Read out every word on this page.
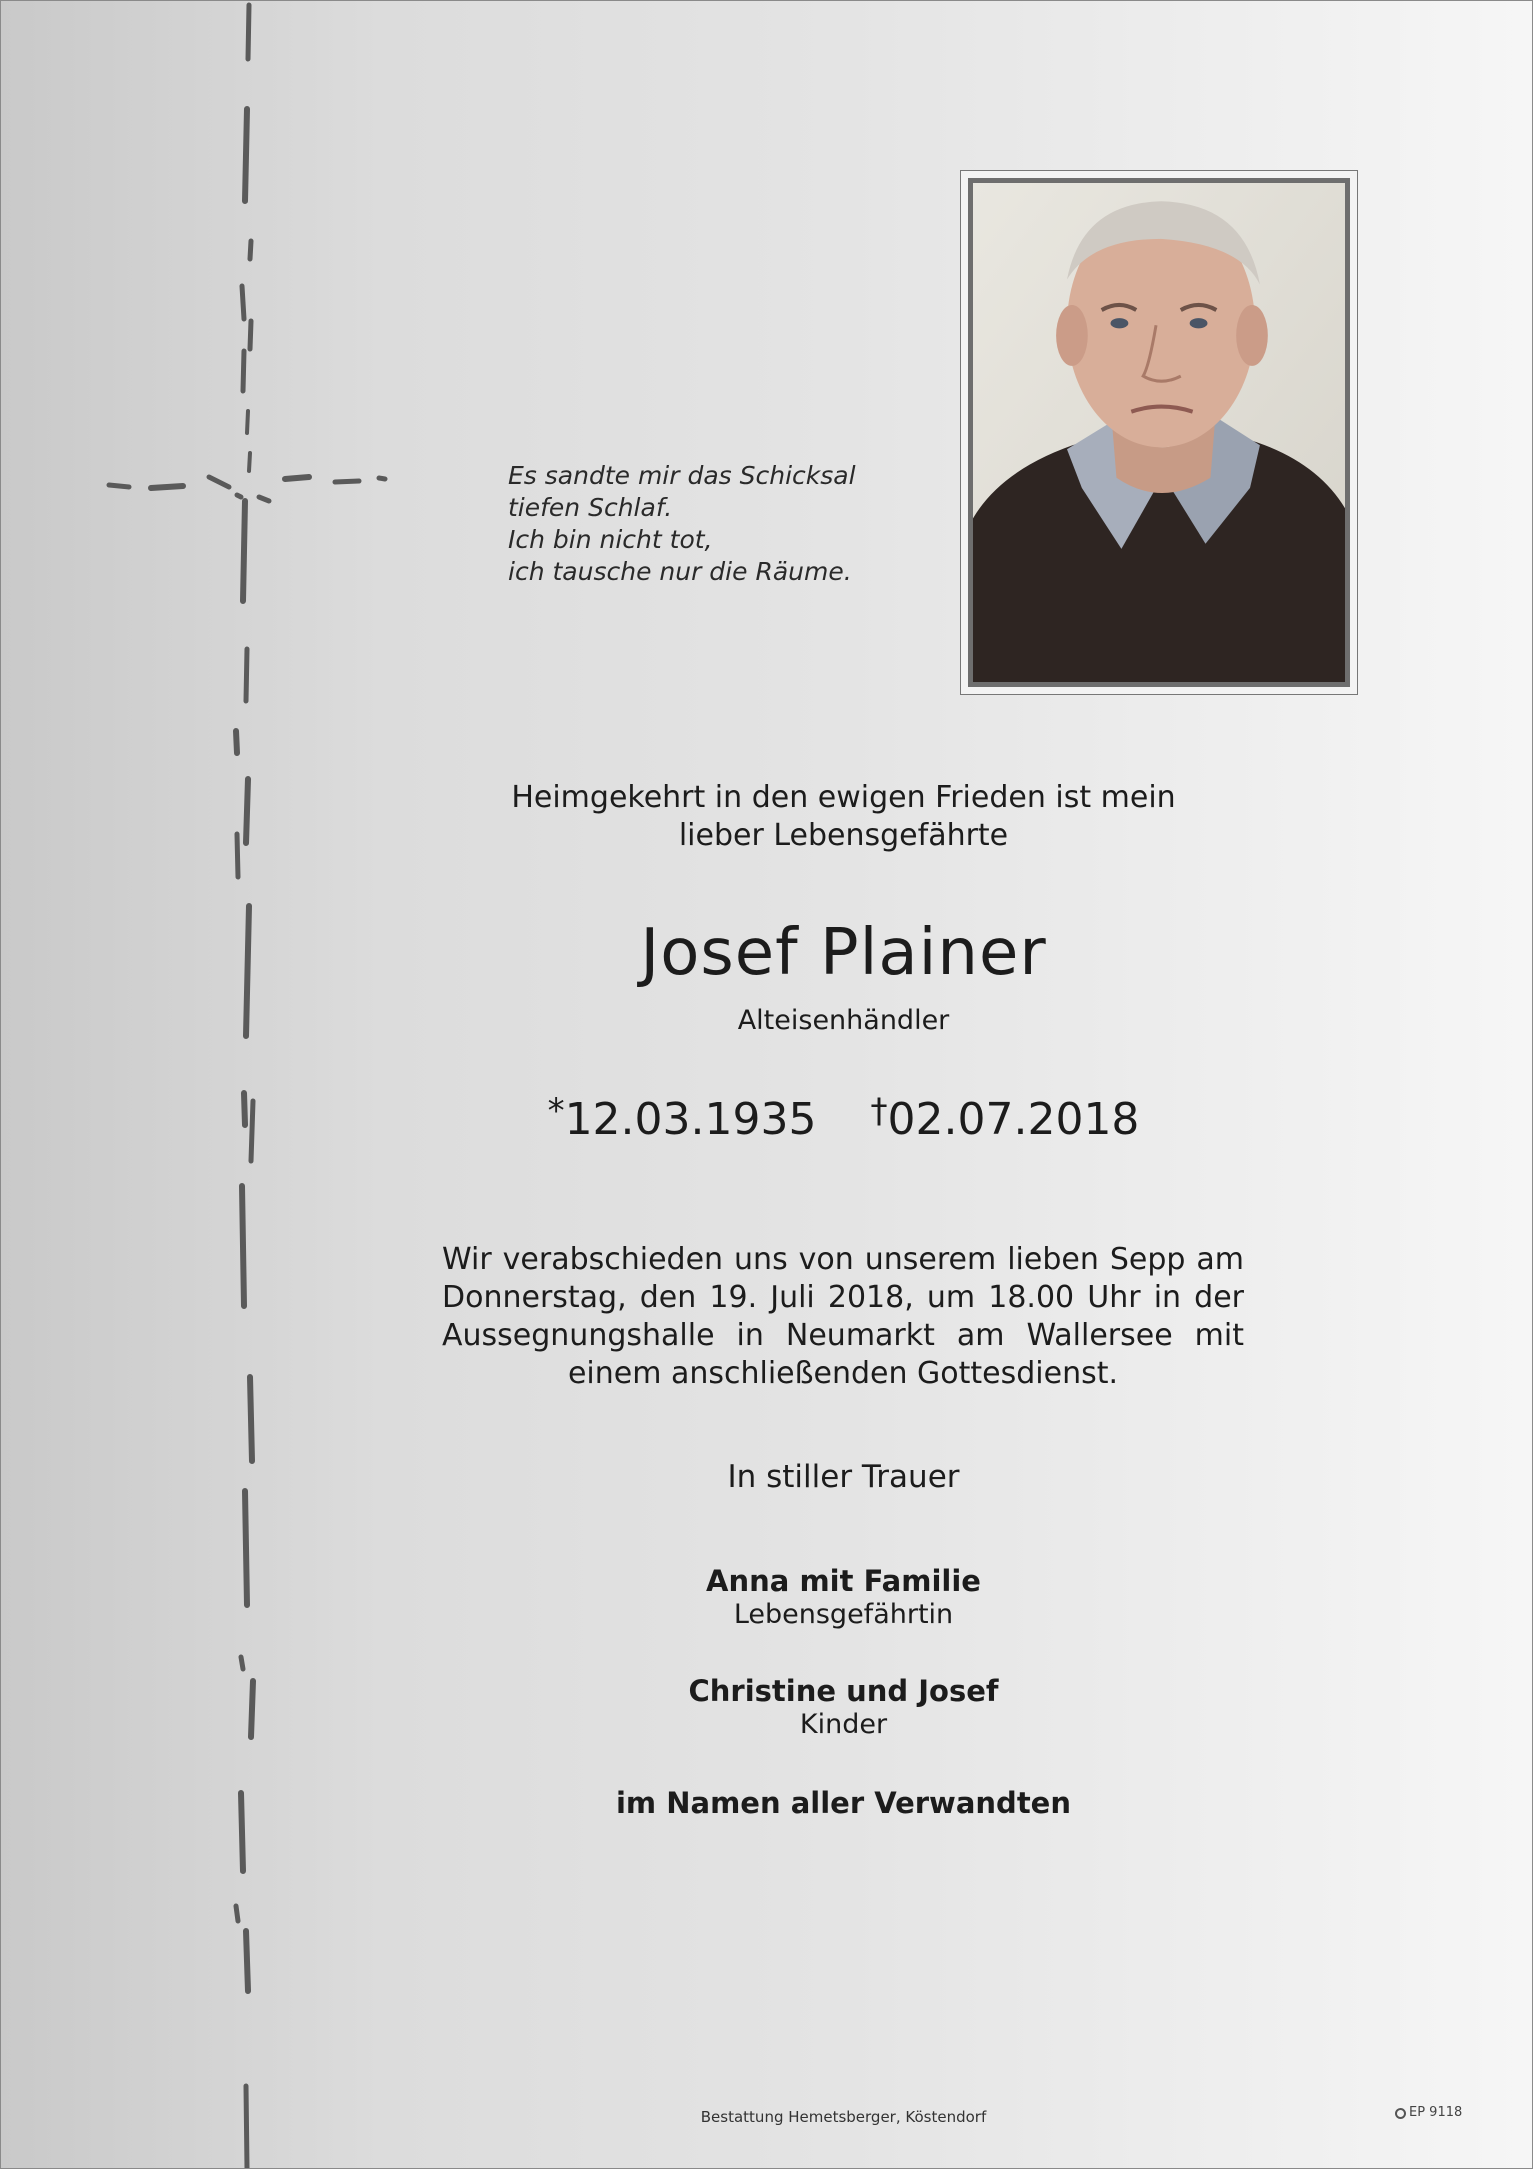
Es sandte mir das Schicksal
tiefen Schlaf.
Ich bin nicht tot,
ich tausche nur die Räume.
Heimgekehrt in den ewigen Frieden ist mein
lieber Lebensgefährte
Josef Plainer
Alteisenhändler
*12.03.1935 †02.07.2018
Wir verabschieden uns von unserem lieben Sepp am Donnerstag, den 19. Juli 2018, um 18.00 Uhr in der Aussegnungshalle in Neumarkt am Wallersee mit einem anschließenden Gottesdienst.
In stiller Trauer
Anna mit Familie
Lebensgefährtin
Christine und Josef
Kinder
im Namen aller Verwandten
Bestattung Hemetsberger, Köstendorf	EP 9118
